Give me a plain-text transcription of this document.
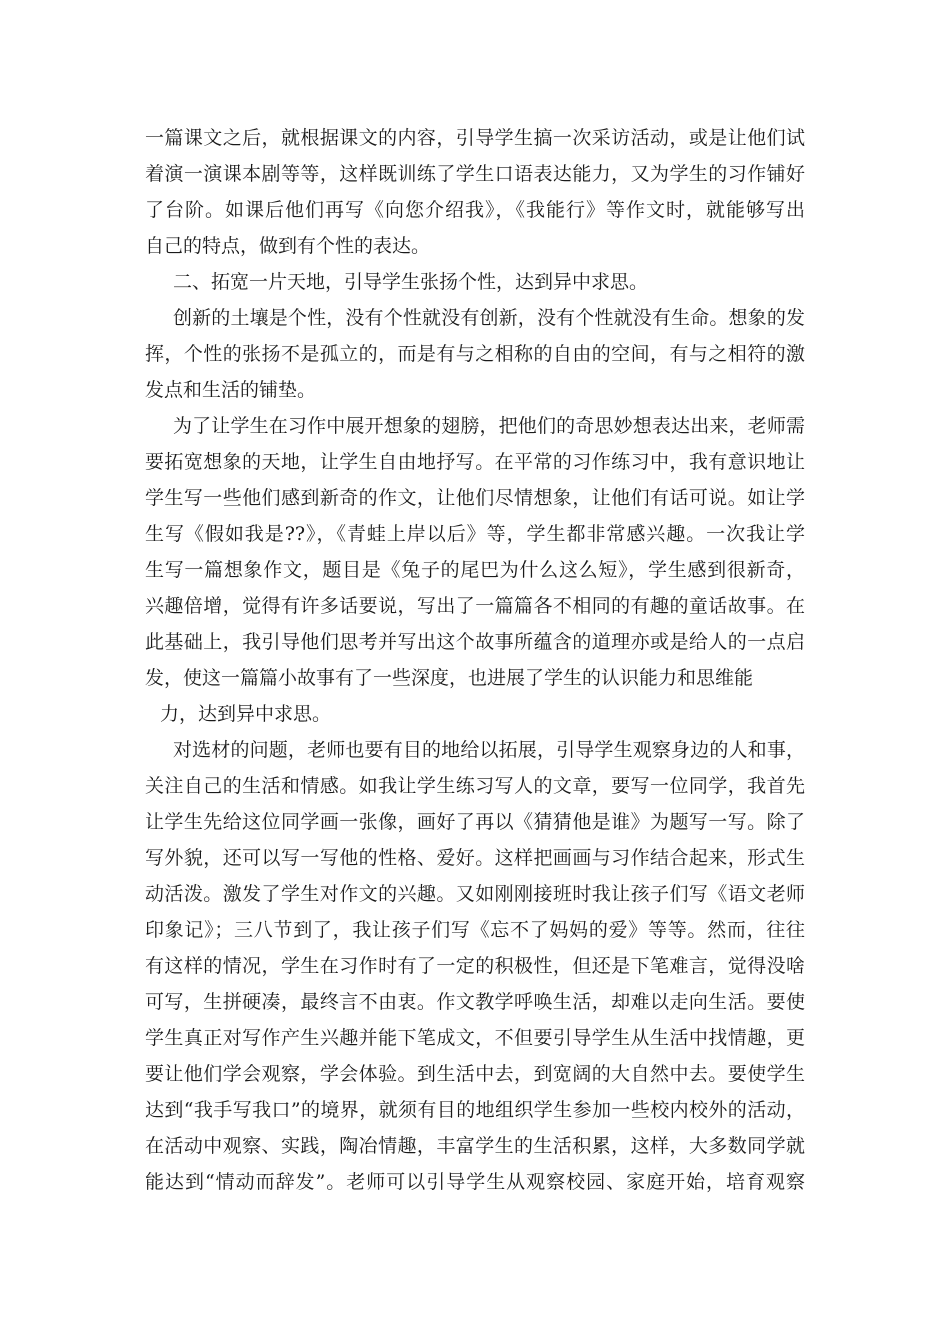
一篇课文之后，就根据课文的内容，引导学生搞一次采访活动，或是让他们试
着演一演课本剧等等，这样既训练了学生口语表达能力，又为学生的习作铺好
了台阶。如课后他们再写《向您介绍我》，《我能行》等作文时，就能够写出
自己的特点，做到有个性的表达。
二、拓宽一片天地，引导学生张扬个性，达到异中求思。
创新的土壤是个性，没有个性就没有创新，没有个性就没有生命。想象的发
挥，个性的张扬不是孤立的，而是有与之相称的自由的空间，有与之相符的激
发点和生活的铺垫。
为了让学生在习作中展开想象的翅膀，把他们的奇思妙想表达出来，老师需
要拓宽想象的天地，让学生自由地抒写。在平常的习作练习中，我有意识地让
学生写一些他们感到新奇的作文，让他们尽情想象，让他们有话可说。如让学
生写《假如我是??》，《青蛙上岸以后》等，学生都非常感兴趣。一次我让学
生写一篇想象作文，题目是《兔子的尾巴为什么这么短》，学生感到很新奇，
兴趣倍增，觉得有许多话要说，写出了一篇篇各不相同的有趣的童话故事。在
此基础上，我引导他们思考并写出这个故事所蕴含的道理亦或是给人的一点启
发，使这一篇篇小故事有了一些深度，也进展了学生的认识能力和思维能
力，达到异中求思。
对选材的问题，老师也要有目的地给以拓展，引导学生观察身边的人和事，
关注自己的生活和情感。如我让学生练习写人的文章，要写一位同学，我首先
让学生先给这位同学画一张像，画好了再以《猜猜他是谁》为题写一写。除了
写外貌，还可以写一写他的性格、爱好。这样把画画与习作结合起来，形式生
动活泼。激发了学生对作文的兴趣。又如刚刚接班时我让孩子们写《语文老师
印象记》；三八节到了，我让孩子们写《忘不了妈妈的爱》等等。然而，往往
有这样的情况，学生在习作时有了一定的积极性，但还是下笔难言，觉得没啥
可写，生拼硬凑，最终言不由衷。作文教学呼唤生活，却难以走向生活。要使
学生真正对写作产生兴趣并能下笔成文，不但要引导学生从生活中找情趣，更
要让他们学会观察，学会体验。到生活中去，到宽阔的大自然中去。要使学生
达到“我手写我口”的境界，就须有目的地组织学生参加一些校内校外的活动，
在活动中观察、实践，陶冶情趣，丰富学生的生活积累，这样，大多数同学就
能达到“情动而辞发”。老师可以引导学生从观察校园、家庭开始，培育观察
